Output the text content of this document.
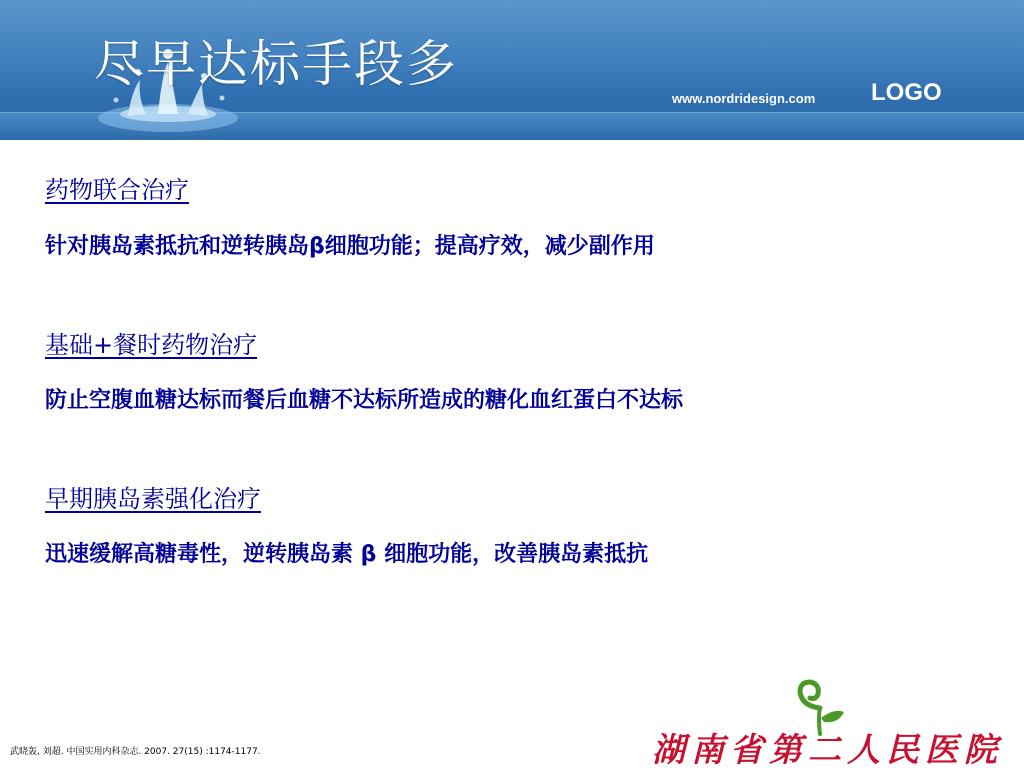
尽早达标手段多
www.nordridesign.com LOGO
药物联合治疗

针对胰岛素抵抗和逆转胰岛β细胞功能；提高疗效，减少副作用

基础+餐时药物治疗

防止空腹血糖达标而餐后血糖不达标所造成的糖化血红蛋白不达标

早期胰岛素强化治疗

迅速缓解高糖毒性，逆转胰岛素 β 细胞功能，改善胰岛素抵抗

武晓轰, 刘超. 中国实用内科杂志. 2007. 27(15) :1174-1177.	湖南省第二人民医院
